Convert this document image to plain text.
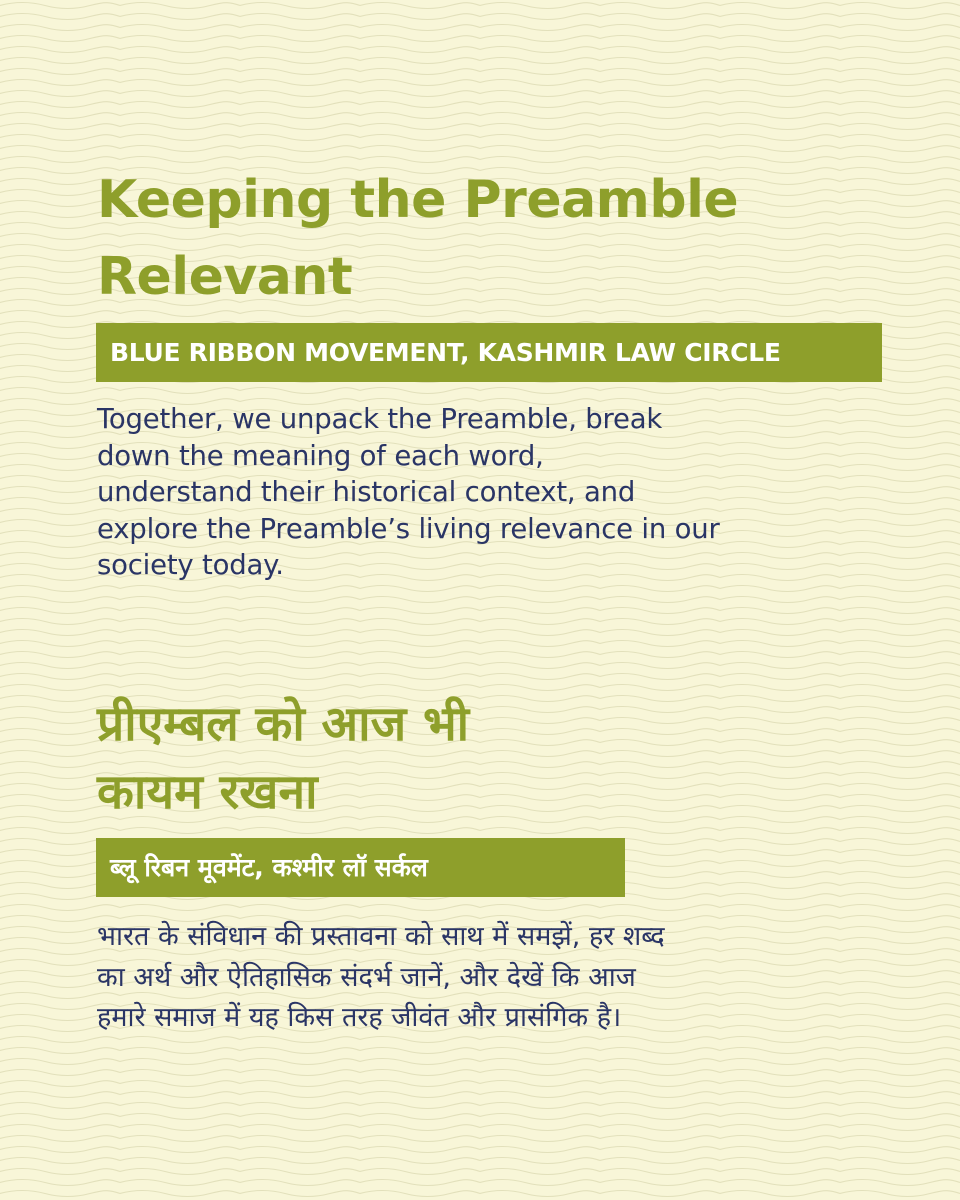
Keeping the Preamble
Relevant
BLUE RIBBON MOVEMENT, KASHMIR LAW CIRCLE

Together, we unpack the Preamble, break
down the meaning of each word,
understand their historical context, and
explore the Preamble’s living relevance in our
society today.

प्रीएम्बल को आज भी
कायम रखना
ब्लू रिबन मूवमेंट, कश्मीर लॉ सर्कल

भारत के संविधान की प्रस्तावना को साथ में समझें, हर शब्द
का अर्थ और ऐतिहासिक संदर्भ जानें, और देखें कि आज
हमारे समाज में यह किस तरह जीवंत और प्रासंगिक है।
